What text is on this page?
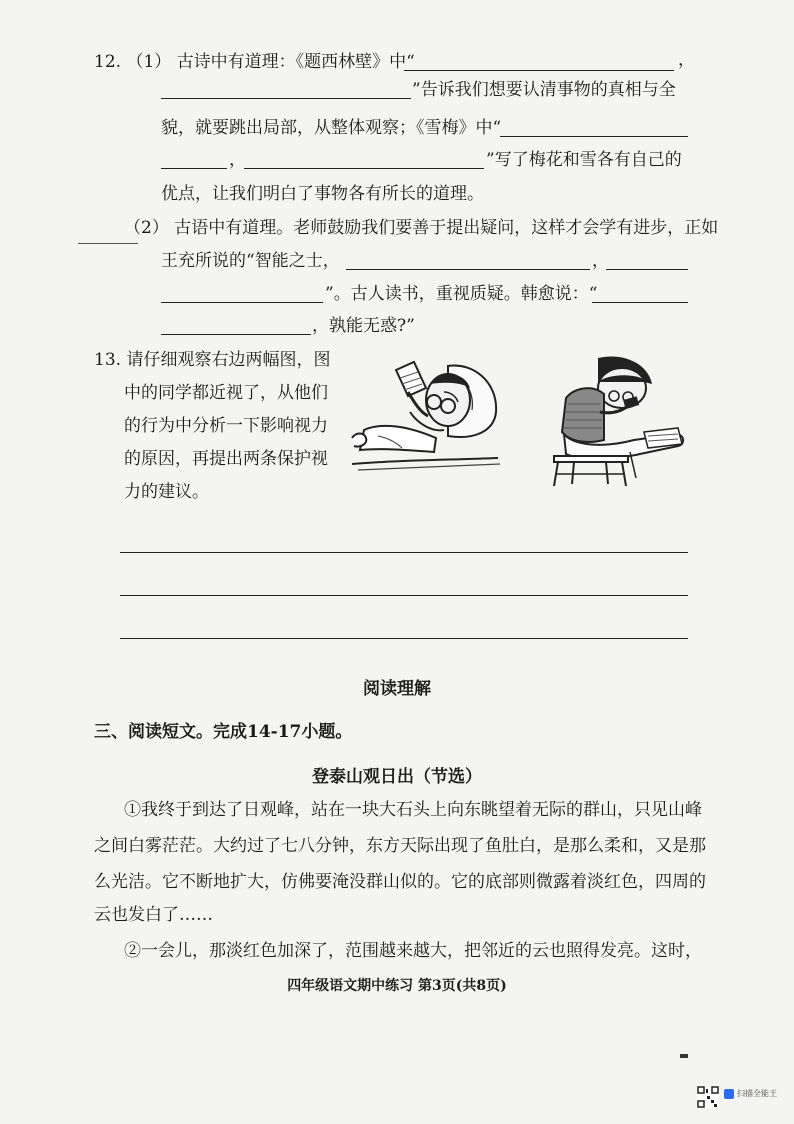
12. （1） 古诗中有道理：《题西林壁》中“	，
”告诉我们想要认清事物的真相与全
貌，就要跳出局部，从整体观察；《雪梅》中“
，	”写了梅花和雪各有自己的
优点，让我们明白了事物各有所长的道理。
（2） 古语中有道理。老师鼓励我们要善于提出疑问，这样才会学有进步，正如
王充所说的“智能之士，	，
”。古人读书，重视质疑。韩愈说：“
，孰能无惑?”
13. 请仔细观察右边两幅图，图
中的同学都近视了，从他们
的行为中分析一下影响视力
的原因，再提出两条保护视
力的建议。
阅读理解
三、阅读短文。完成14-17小题。
登泰山观日出（节选）
①我终于到达了日观峰，站在一块大石头上向东眺望着无际的群山，只见山峰
之间白雾茫茫。大约过了七八分钟，东方天际出现了鱼肚白，是那么柔和，又是那
么光洁。它不断地扩大，仿佛要淹没群山似的。它的底部则微露着淡红色，四周的
云也发白了……
②一会儿，那淡红色加深了，范围越来越大，把邻近的云也照得发亮。这时，
四年级语文期中练习 第3页(共8页)
扫描全能王
